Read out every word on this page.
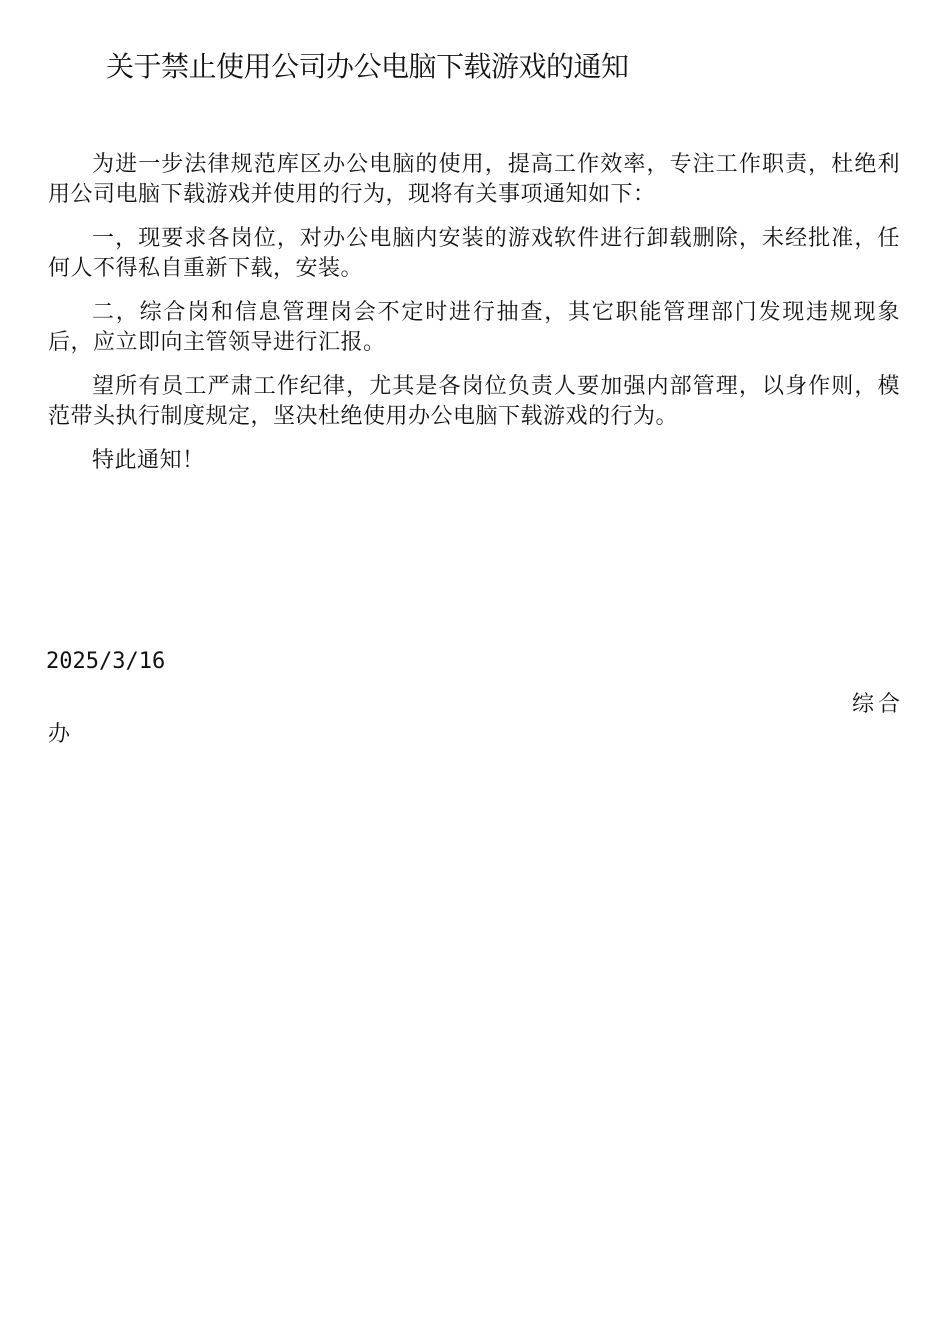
关于禁止使用公司办公电脑下载游戏的通知

为进一步法律规范库区办公电脑的使用，提高工作效率，专注工作职责，杜绝利用公司电脑下载游戏并使用的行为，现将有关事项通知如下：

一，现要求各岗位，对办公电脑内安装的游戏软件进行卸载删除，未经批准，任何人不得私自重新下载，安装。

二，综合岗和信息管理岗会不定时进行抽查，其它职能管理部门发现违规现象后，应立即向主管领导进行汇报。

望所有员工严肃工作纪律，尤其是各岗位负责人要加强内部管理，以身作则，模范带头执行制度规定，坚决杜绝使用办公电脑下载游戏的行为。

特此通知！

2025/3/16
综合
办
